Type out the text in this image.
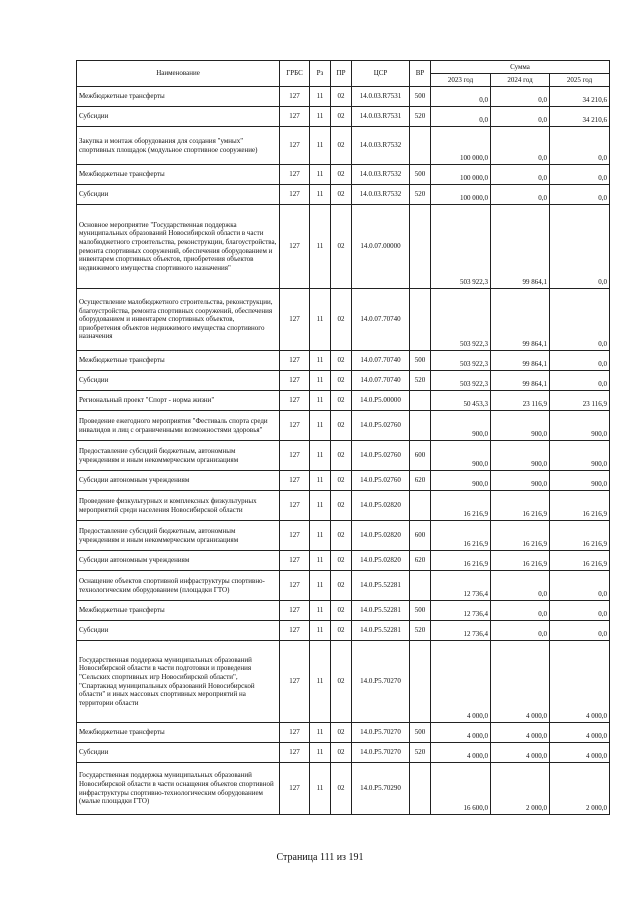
Наименование	ГРБС	Рз	ПР	ЦСР	ВР	Сумма		
						2023 год	2024 год	2025 год
Межбюджетные трансферты	127	11	02	14.0.03.R7531	500	0,0	0,0	34 210,6
Субсидии	127	11	02	14.0.03.R7531	520	0,0	0,0	34 210,6
Закупка и монтаж оборудования для создания "умных" спортивных площадок (модульное спортивное сооружение)	127	11	02	14.0.03.R7532		100 000,0	0,0	0,0
Межбюджетные трансферты	127	11	02	14.0.03.R7532	500	100 000,0	0,0	0,0
Субсидии	127	11	02	14.0.03.R7532	520	100 000,0	0,0	0,0
Основное мероприятие "Государственная поддержка муниципальных образований Новосибирской области в части малобюджетного строительства, реконструкции, благоустройства, ремонта спортивных сооружений, обеспечения оборудованием и инвентарем спортивных объектов, приобретения объектов недвижимого имущества спортивного назначения"	127	11	02	14.0.07.00000		503 922,3	99 864,1	0,0
Осуществление малобюджетного строительства, реконструкции, благоустройства, ремонта спортивных сооружений, обеспечения оборудованием и инвентарем спортивных объектов, приобретения объектов недвижимого имущества спортивного назначения	127	11	02	14.0.07.70740		503 922,3	99 864,1	0,0
Межбюджетные трансферты	127	11	02	14.0.07.70740	500	503 922,3	99 864,1	0,0
Субсидии	127	11	02	14.0.07.70740	520	503 922,3	99 864,1	0,0
Региональный проект "Спорт - норма жизни"	127	11	02	14.0.P5.00000		50 453,3	23 116,9	23 116,9
Проведение ежегодного мероприятия "Фестиваль спорта среди инвалидов и лиц с ограниченными возможностями здоровья"	127	11	02	14.0.P5.02760		900,0	900,0	900,0
Предоставление субсидий бюджетным, автономным учреждениям и иным некоммерческим организациям	127	11	02	14.0.P5.02760	600	900,0	900,0	900,0
Субсидии автономным учреждениям	127	11	02	14.0.P5.02760	620	900,0	900,0	900,0
Проведение физкультурных и комплексных физкультурных мероприятий среди населения Новосибирской области	127	11	02	14.0.P5.02820		16 216,9	16 216,9	16 216,9
Предоставление субсидий бюджетным, автономным учреждениям и иным некоммерческим организациям	127	11	02	14.0.P5.02820	600	16 216,9	16 216,9	16 216,9
Субсидии автономным учреждениям	127	11	02	14.0.P5.02820	620	16 216,9	16 216,9	16 216,9
Оснащение объектов спортивной инфраструктуры спортивно-технологическим оборудованием (площадки ГТО)	127	11	02	14.0.P5.52281		12 736,4	0,0	0,0
Межбюджетные трансферты	127	11	02	14.0.P5.52281	500	12 736,4	0,0	0,0
Субсидии	127	11	02	14.0.P5.52281	520	12 736,4	0,0	0,0
Государственная поддержка муниципальных образований Новосибирской области в части подготовки и проведения "Сельских спортивных игр Новосибирской области", "Спартакиад муниципальных образований Новосибирской области" и иных массовых спортивных мероприятий на территории области	127	11	02	14.0.P5.70270		4 000,0	4 000,0	4 000,0
Межбюджетные трансферты	127	11	02	14.0.P5.70270	500	4 000,0	4 000,0	4 000,0
Субсидии	127	11	02	14.0.P5.70270	520	4 000,0	4 000,0	4 000,0
Государственная поддержка муниципальных образований Новосибирской области в части оснащения объектов спортивной инфраструктуры спортивно-технологическим оборудованием (малые площадки ГТО)	127	11	02	14.0.P5.70290		16 600,0	2 000,0	2 000,0
Страница 111 из 191
